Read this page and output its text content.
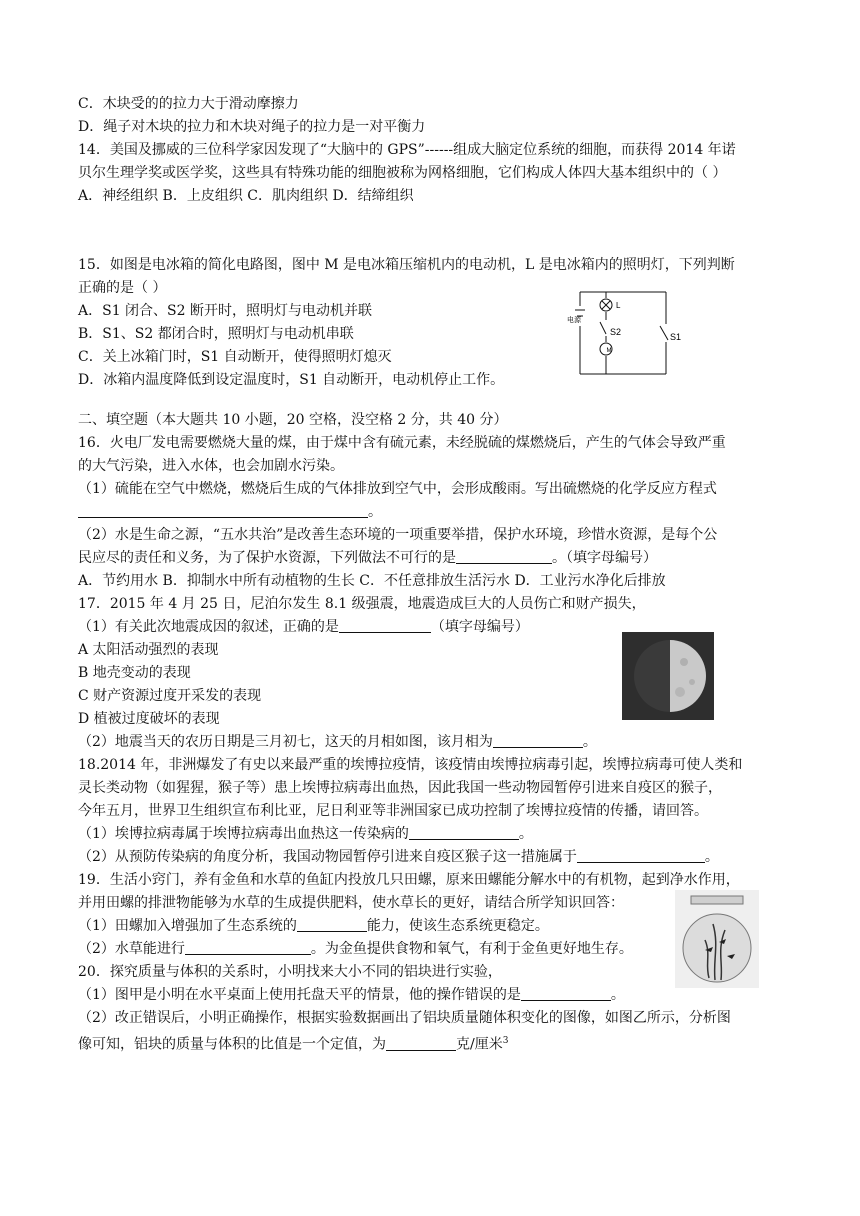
C．木块受的的拉力大于滑动摩擦力
D．绳子对木块的拉力和木块对绳子的拉力是一对平衡力
14．美国及挪威的三位科学家因发现了“大脑中的 GPS”------组成大脑定位系统的细胞，而获得 2014 年诺
贝尔生理学奖或医学奖，这些具有特殊功能的细胞被称为网格细胞，它们构成人体四大基本组织中的（ ）
A．神经组织 B．上皮组织 C．肌肉组织 D．结缔组织
15．如图是电冰箱的简化电路图，图中 M 是电冰箱压缩机内的电动机，L 是电冰箱内的照明灯，下列判断
正确的是（ ）
A．S1 闭合、S2 断开时，照明灯与电动机并联
B．S1、S2 都闭合时，照明灯与电动机串联
C．关上冰箱门时，S1 自动断开，使得照明灯熄灭
D．冰箱内温度降低到设定温度时，S1 自动断开，电动机停止工作。
L
M
电源
S2	S1
二、填空题（本大题共 10 小题，20 空格，没空格 2 分，共 40 分）
16．火电厂发电需要燃烧大量的煤，由于煤中含有硫元素，未经脱硫的煤燃烧后，产生的气体会导致严重
的大气污染，进入水体，也会加剧水污染。
（1）硫能在空气中燃烧，燃烧后生成的气体排放到空气中，会形成酸雨。写出硫燃烧的化学反应方程式
。
（2）水是生命之源，“五水共治”是改善生态环境的一项重要举措，保护水环境，珍惜水资源，是每个公
民应尽的责任和义务，为了保护水资源，下列做法不可行的是	。（填字母编号）
A．节约用水 B．抑制水中所有动植物的生长 C．不任意排放生活污水 D．工业污水净化后排放
17．2015 年 4 月 25 日，尼泊尔发生 8.1 级强震，地震造成巨大的人员伤亡和财产损失，
（1）有关此次地震成因的叙述，正确的是	（填字母编号）
A 太阳活动强烈的表现
B 地壳变动的表现
C 财产资源过度开采发的表现
D 植被过度破坏的表现
（2）地震当天的农历日期是三月初七，这天的月相如图，该月相为	。
18.2014 年，非洲爆发了有史以来最严重的埃博拉疫情，该疫情由埃博拉病毒引起，埃博拉病毒可使人类和
灵长类动物（如猩猩，猴子等）患上埃博拉病毒出血热，因此我国一些动物园暂停引进来自疫区的猴子，
今年五月，世界卫生组织宣布利比亚，尼日利亚等非洲国家已成功控制了埃博拉疫情的传播，请回答。
（1）埃博拉病毒属于埃博拉病毒出血热这一传染病的	。
（2）从预防传染病的角度分析，我国动物园暂停引进来自疫区猴子这一措施属于	。
19．生活小窍门，养有金鱼和水草的鱼缸内投放几只田螺，原来田螺能分解水中的有机物，起到净水作用，
并用田螺的排泄物能够为水草的生成提供肥料，使水草长的更好，请结合所学知识回答：
（1）田螺加入增强加了生态系统的	能力，使该生态系统更稳定。
（2）水草能进行	。为金鱼提供食物和氧气，有利于金鱼更好地生存。
20．探究质量与体积的关系时，小明找来大小不同的铝块进行实验，
（1）图甲是小明在水平桌面上使用托盘天平的情景，他的操作错误的是	。
（2）改正错误后，小明正确操作，根据实验数据画出了铝块质量随体积变化的图像，如图乙所示，分析图
像可知，铝块的质量与体积的比值是一个定值，为	克/厘米$^3$
